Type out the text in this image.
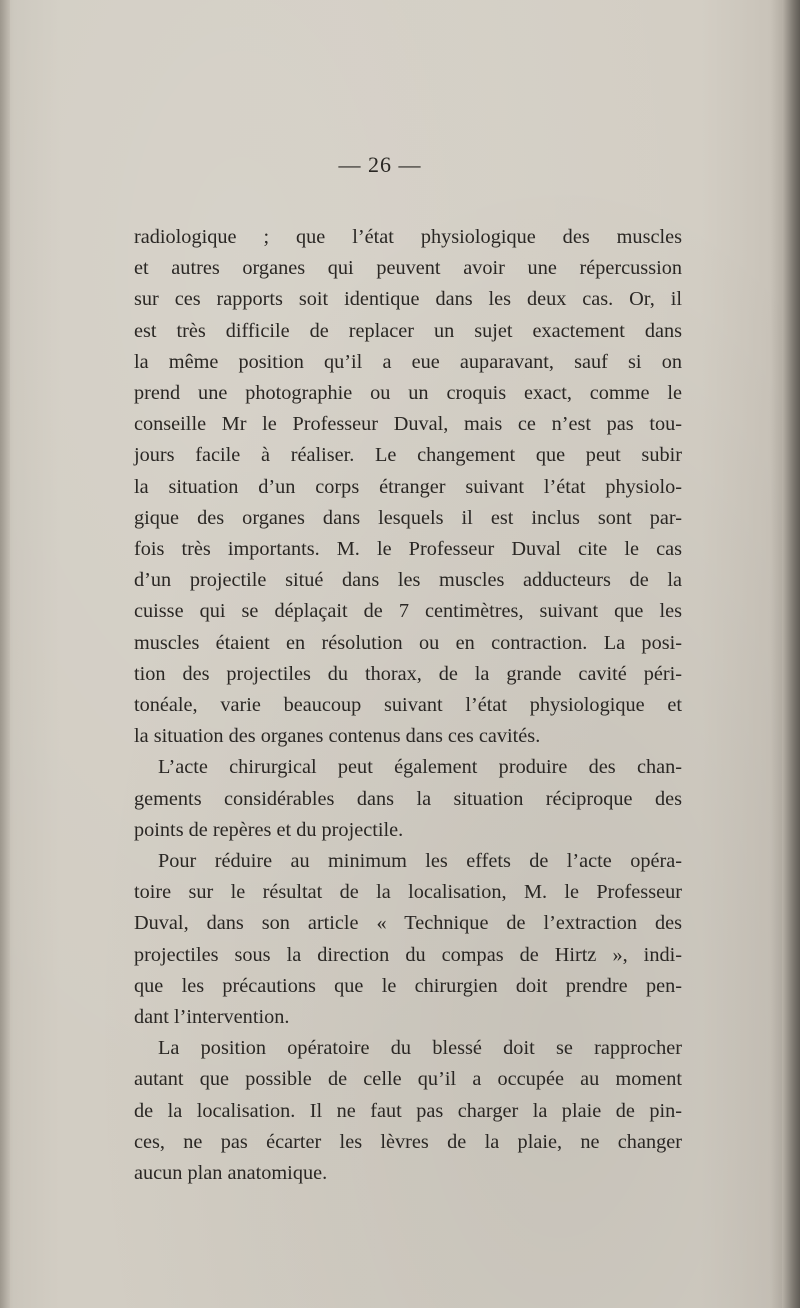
— 26 —
radiologique ; que l’état physiologique des muscles
et autres organes qui peuvent avoir une répercussion
sur ces rapports soit identique dans les deux cas. Or, il
est très difficile de replacer un sujet exactement dans
la même position qu’il a eue auparavant, sauf si on
prend une photographie ou un croquis exact, comme le
conseille Mr le Professeur Duval, mais ce n’est pas tou-
jours facile à réaliser. Le changement que peut subir
la situation d’un corps étranger suivant l’état physiolo-
gique des organes dans lesquels il est inclus sont par-
fois très importants. M. le Professeur Duval cite le cas
d’un projectile situé dans les muscles adducteurs de la
cuisse qui se déplaçait de 7 centimètres, suivant que les
muscles étaient en résolution ou en contraction. La posi-
tion des projectiles du thorax, de la grande cavité péri-
tonéale, varie beaucoup suivant l’état physiologique et
la situation des organes contenus dans ces cavités.
L’acte chirurgical peut également produire des chan-
gements considérables dans la situation réciproque des
points de repères et du projectile.
Pour réduire au minimum les effets de l’acte opéra-
toire sur le résultat de la localisation, M. le Professeur
Duval, dans son article « Technique de l’extraction des
projectiles sous la direction du compas de Hirtz », indi-
que les précautions que le chirurgien doit prendre pen-
dant l’intervention.
La position opératoire du blessé doit se rapprocher
autant que possible de celle qu’il a occupée au moment
de la localisation. Il ne faut pas charger la plaie de pin-
ces, ne pas écarter les lèvres de la plaie, ne changer
aucun plan anatomique.
